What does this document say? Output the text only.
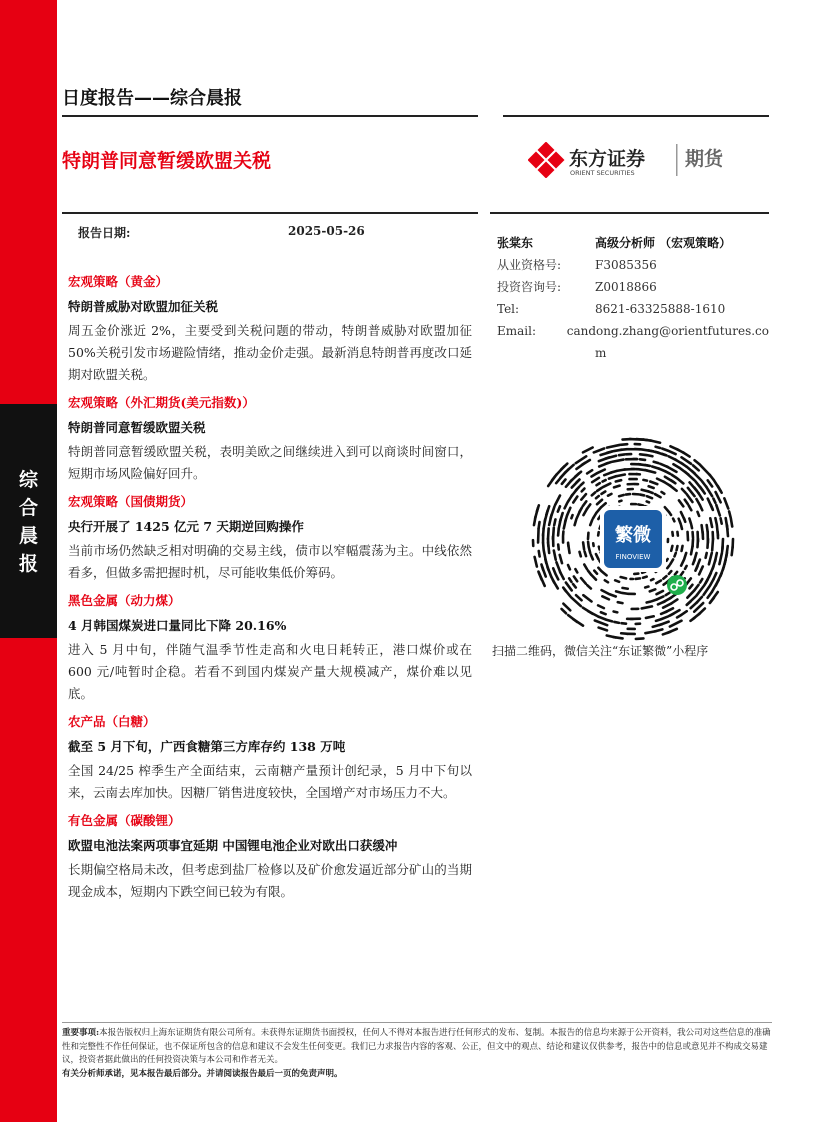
综
合
晨
报
日度报告——综合晨报
特朗普同意暂缓欧盟关税	东方证券
ORIENT SECURITIES
期货
报告日期:	2025-05-26
宏观策略（黄金）
特朗普威胁对欧盟加征关税
周五金价涨近 2%，主要受到关税问题的带动，特朗普威胁对欧盟加征 50%关税引发市场避险情绪，推动金价走强。最新消息特朗普再度改口延期对欧盟关税。
宏观策略（外汇期货(美元指数)）
特朗普同意暂缓欧盟关税
特朗普同意暂缓欧盟关税，表明美欧之间继续进入到可以商谈时间窗口，短期市场风险偏好回升。
宏观策略（国债期货）
央行开展了 1425 亿元 7 天期逆回购操作
当前市场仍然缺乏相对明确的交易主线，债市以窄幅震荡为主。中线依然看多，但做多需把握时机，尽可能收集低价筹码。
黑色金属（动力煤）
4 月韩国煤炭进口量同比下降 20.16%
进入 5 月中旬，伴随气温季节性走高和火电日耗转正，港口煤价或在 600 元/吨暂时企稳。若看不到国内煤炭产量大规模减产，煤价难以见底。
农产品（白糖）
截至 5 月下旬，广西食糖第三方库存约 138 万吨
全国 24/25 榨季生产全面结束，云南糖产量预计创纪录，5 月中下旬以来，云南去库加快。因糖厂销售进度较快，全国增产对市场压力不大。
有色金属（碳酸锂）
欧盟电池法案两项事宜延期 中国锂电池企业对欧出口获缓冲
长期偏空格局未改，但考虑到盐厂检修以及矿价愈发逼近部分矿山的当期现金成本，短期内下跌空间已较为有限。
张棠东	高级分析师 （宏观策略）
从业资格号:	F3085356
投资咨询号:	Z0018866
Tel:	8621-63325888-1610
Email:	candong.zhang@orientfutures.co
m
繁微
FINOVIEW
扫描二维码，微信关注“东证繁微”小程序
重要事项:本报告版权归上海东证期货有限公司所有。未获得东证期货书面授权，任何人不得对本报告进行任何形式的发布、复制。本报告的信息均来源于公开资料，我公司对这些信息的准确性和完整性不作任何保证，也不保证所包含的信息和建议不会发生任何变更。我们已力求报告内容的客观、公正，但文中的观点、结论和建议仅供参考，报告中的信息或意见并不构成交易建议，投资者据此做出的任何投资决策与本公司和作者无关。
有关分析师承诺，见本报告最后部分。并请阅读报告最后一页的免责声明。
